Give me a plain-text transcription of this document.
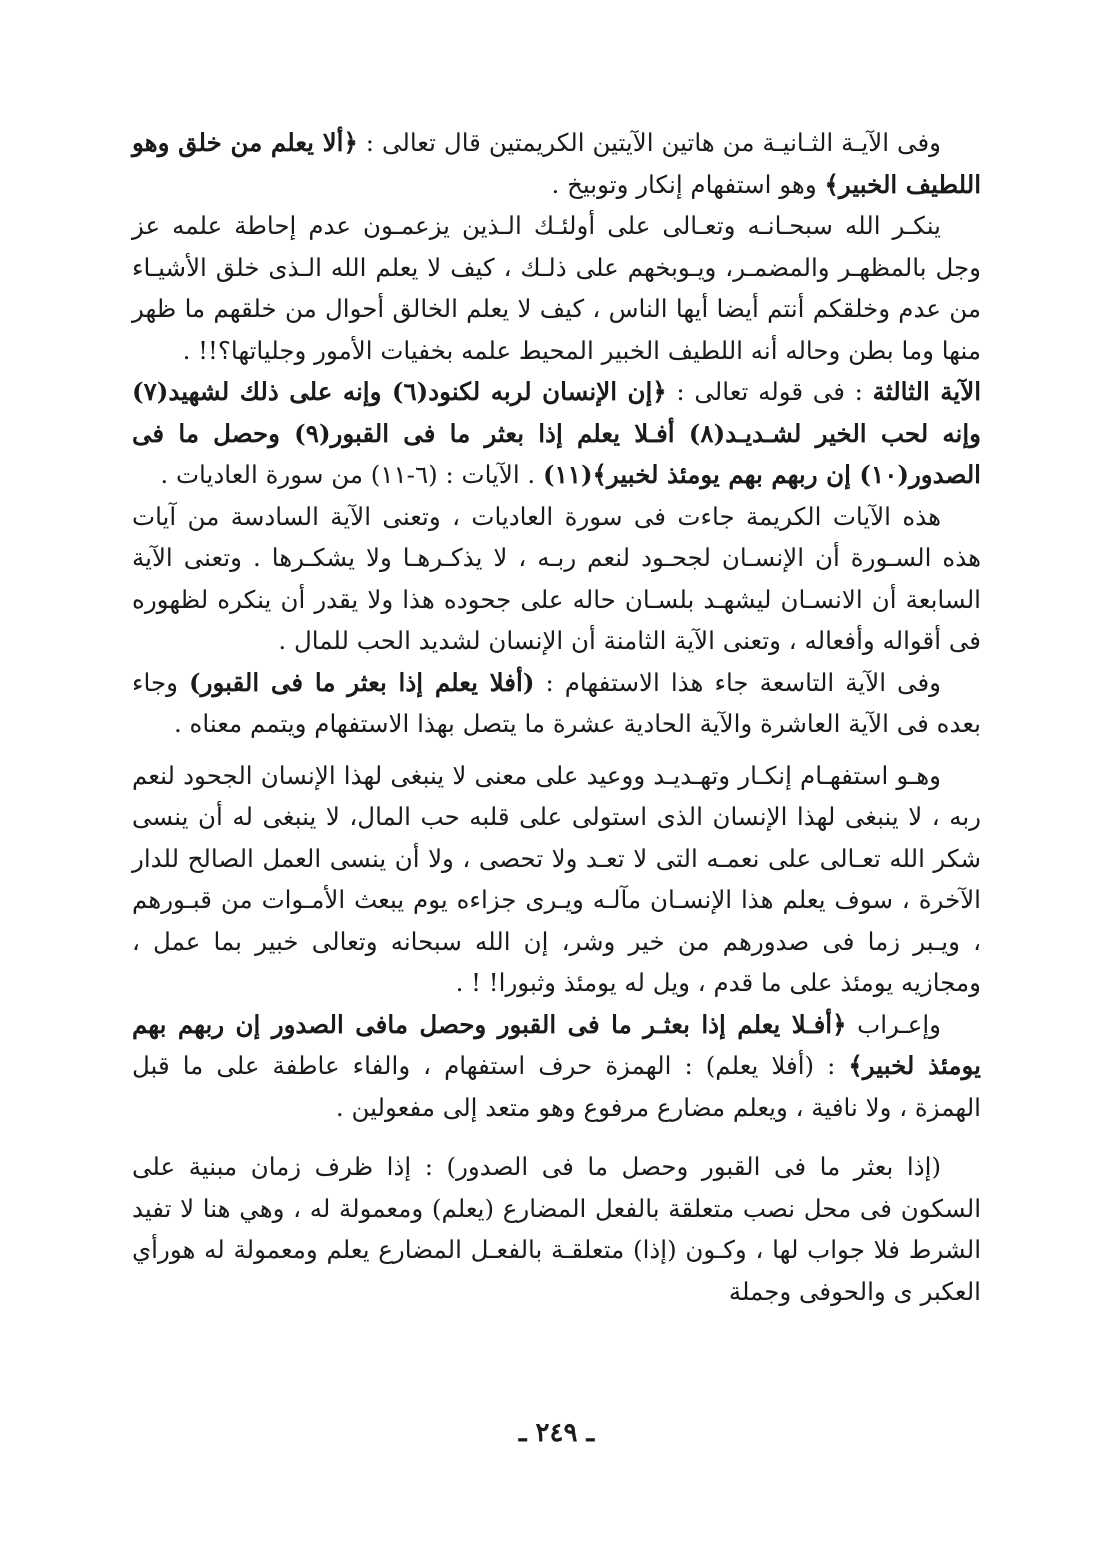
وفى الآيـة الثـانيـة من هاتين الآيتين الكريمتين قال تعالى : ﴿ألا يعلم من خلق وهو اللطيف الخبير﴾ وهو استفهام إنكار وتوبيخ .

ينكـر الله سبحـانـه وتعـالى على أولئـك الـذين يزعمـون عدم إحاطة علمه عز وجل بالمظهـر والمضمـر، ويـوبخهم على ذلـك ، كيف لا يعلم الله الـذى خلق الأشيـاء من عدم وخلقكم أنتم أيضا أيها الناس ، كيف لا يعلم الخالق أحوال من خلقهم ما ظهر منها وما بطن وحاله أنه اللطيف الخبير المحيط علمه بخفيات الأمور وجلياتها؟!! .

الآية الثالثة : فى قوله تعالى : ﴿إن الإنسان لربه لكنود(٦) وإنه على ذلك لشهيد(٧) وإنه لحب الخير لشـديـد(٨) أفـلا يعلم إذا بعثر ما فى القبور(٩) وحصل ما فى الصدور(١٠) إن ربهم بهم يومئذ لخبير﴾(١١) . الآيات : (٦-١١) من سورة العاديات .

هذه الآيات الكريمة جاءت فى سورة العاديات ، وتعنى الآية السادسة من آيات هذه السـورة أن الإنسـان لجحـود لنعم ربـه ، لا يذكـرهـا ولا يشكـرها . وتعنى الآية السابعة أن الانسـان ليشهـد بلسـان حاله على جحوده هذا ولا يقدر أن ينكره لظهوره فى أقواله وأفعاله ، وتعنى الآية الثامنة أن الإنسان لشديد الحب للمال .

وفى الآية التاسعة جاء هذا الاستفهام : (أفلا يعلم إذا بعثر ما فى القبور) وجاء بعده فى الآية العاشرة والآية الحادية عشرة ما يتصل بهذا الاستفهام ويتمم معناه .

وهـو استفهـام إنكـار وتهـديـد ووعيد على معنى لا ينبغى لهذا الإنسان الجحود لنعم ربه ، لا ينبغى لهذا الإنسان الذى استولى على قلبه حب المال، لا ينبغى له أن ينسى شكر الله تعـالى على نعمـه التى لا تعـد ولا تحصى ، ولا أن ينسى العمل الصالح للدار الآخرة ، سوف يعلم هذا الإنسـان مآلـه ويـرى جزاءه يوم يبعث الأمـوات من قبـورهم ، ويـبر زما فى صدورهم من خير وشر، إن الله سبحانه وتعالى خبير بما عمل ، ومجازيه يومئذ على ما قدم ، ويل له يومئذ وثبورا! ! .

وإعـراب ﴿أفـلا يعلم إذا بعثـر ما فى القبور وحصل مافى الصدور إن ربهم بهم يومئذ لخبير﴾ : (أفلا يعلم) : الهمزة حرف استفهام ، والفاء عاطفة على ما قبل الهمزة ، ولا نافية ، ويعلم مضارع مرفوع وهو متعد إلى مفعولين .

(إذا بعثر ما فى القبور وحصل ما فى الصدور) : إذا ظرف زمان مبنية على السكون فى محل نصب متعلقة بالفعل المضارع (يعلم) ومعمولة له ، وهي هنا لا تفيد الشرط فلا جواب لها ، وكـون (إذا) متعلقـة بالفعـل المضارع يعلم ومعمولة له هورأي العكبر ى والحوفى وجملة

ـ ٢٤٩ ـ
